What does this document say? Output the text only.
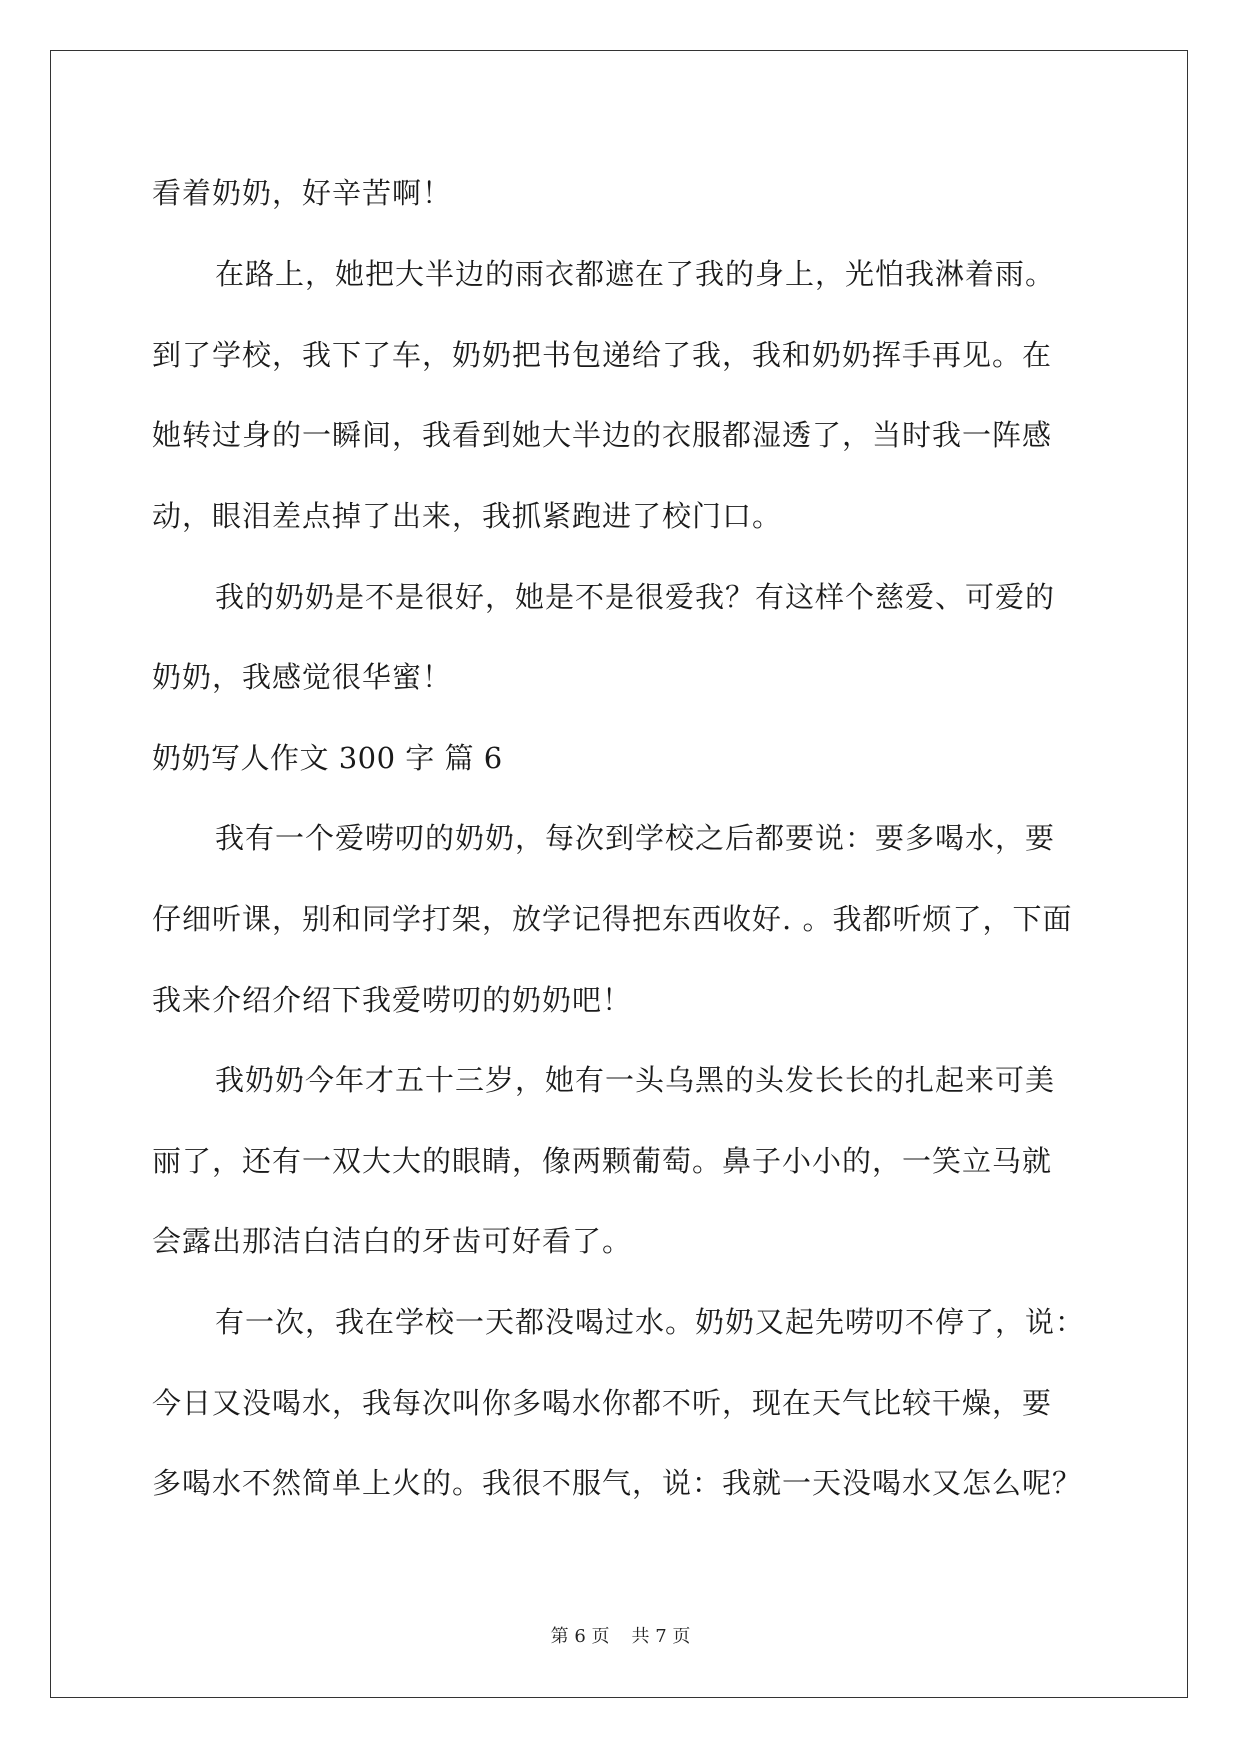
看着奶奶，好辛苦啊！
在路上，她把大半边的雨衣都遮在了我的身上，光怕我淋着雨。
到了学校，我下了车，奶奶把书包递给了我，我和奶奶挥手再见。在
她转过身的一瞬间，我看到她大半边的衣服都湿透了，当时我一阵感
动，眼泪差点掉了出来，我抓紧跑进了校门口。
我的奶奶是不是很好，她是不是很爱我？有这样个慈爱、可爱的
奶奶，我感觉很华蜜！
奶奶写人作文 300 字 篇 6
我有一个爱唠叨的奶奶，每次到学校之后都要说：要多喝水，要
仔细听课，别和同学打架，放学记得把东西收好. 。我都听烦了，下面
我来介绍介绍下我爱唠叨的奶奶吧！
我奶奶今年才五十三岁，她有一头乌黑的头发长长的扎起来可美
丽了，还有一双大大的眼睛，像两颗葡萄。鼻子小小的，一笑立马就
会露出那洁白洁白的牙齿可好看了。
有一次，我在学校一天都没喝过水。奶奶又起先唠叨不停了，说：
今日又没喝水，我每次叫你多喝水你都不听，现在天气比较干燥，要
多喝水不然简单上火的。我很不服气，说：我就一天没喝水又怎么呢？
第 6 页 共 7 页
